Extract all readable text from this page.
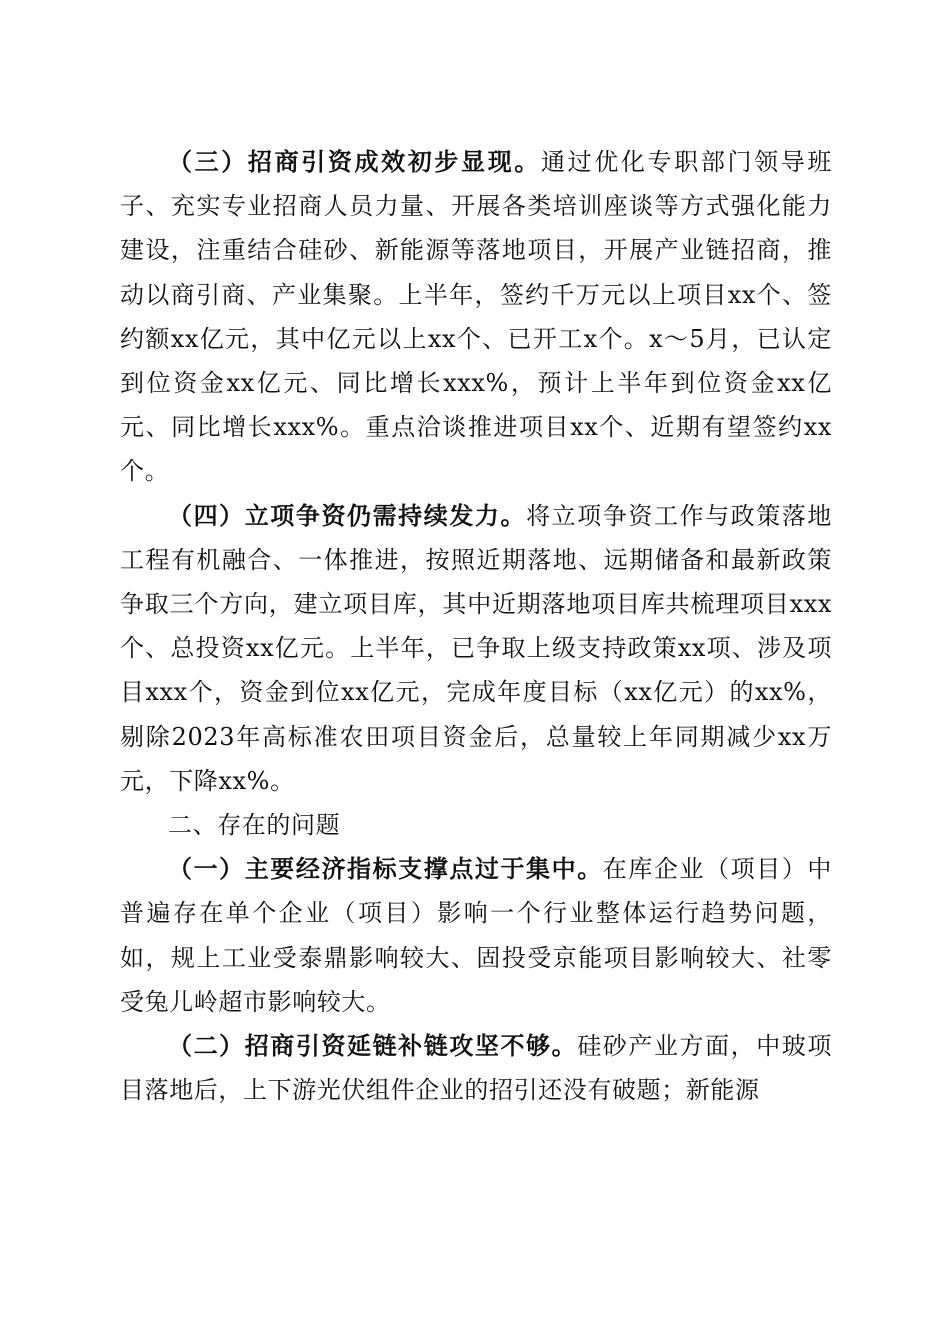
（三）招商引资成效初步显现。通过优化专职部门领导班子、充实专业招商人员力量、开展各类培训座谈等方式强化能力建设，注重结合硅砂、新能源等落地项目，开展产业链招商，推动以商引商、产业集聚。上半年，签约千万元以上项目xx个、签约额xx亿元，其中亿元以上xx个、已开工x个。x～5月，已认定到位资金xx亿元、同比增长xxx%，预计上半年到位资金xx亿元、同比增长xxx%。重点洽谈推进项目xx个、近期有望签约xx个。

（四）立项争资仍需持续发力。将立项争资工作与政策落地工程有机融合、一体推进，按照近期落地、远期储备和最新政策争取三个方向，建立项目库，其中近期落地项目库共梳理项目xxx个、总投资xx亿元。上半年，已争取上级支持政策xx项、涉及项目xxx个，资金到位xx亿元，完成年度目标（xx亿元）的xx%，剔除2023年高标准农田项目资金后，总量较上年同期减少xx万元，下降xx%。

二、存在的问题

（一）主要经济指标支撑点过于集中。在库企业（项目）中普遍存在单个企业（项目）影响一个行业整体运行趋势问题，如，规上工业受泰鼎影响较大、固投受京能项目影响较大、社零受兔儿岭超市影响较大。

（二）招商引资延链补链攻坚不够。硅砂产业方面，中玻项目落地后，上下游光伏组件企业的招引还没有破题；新能源
